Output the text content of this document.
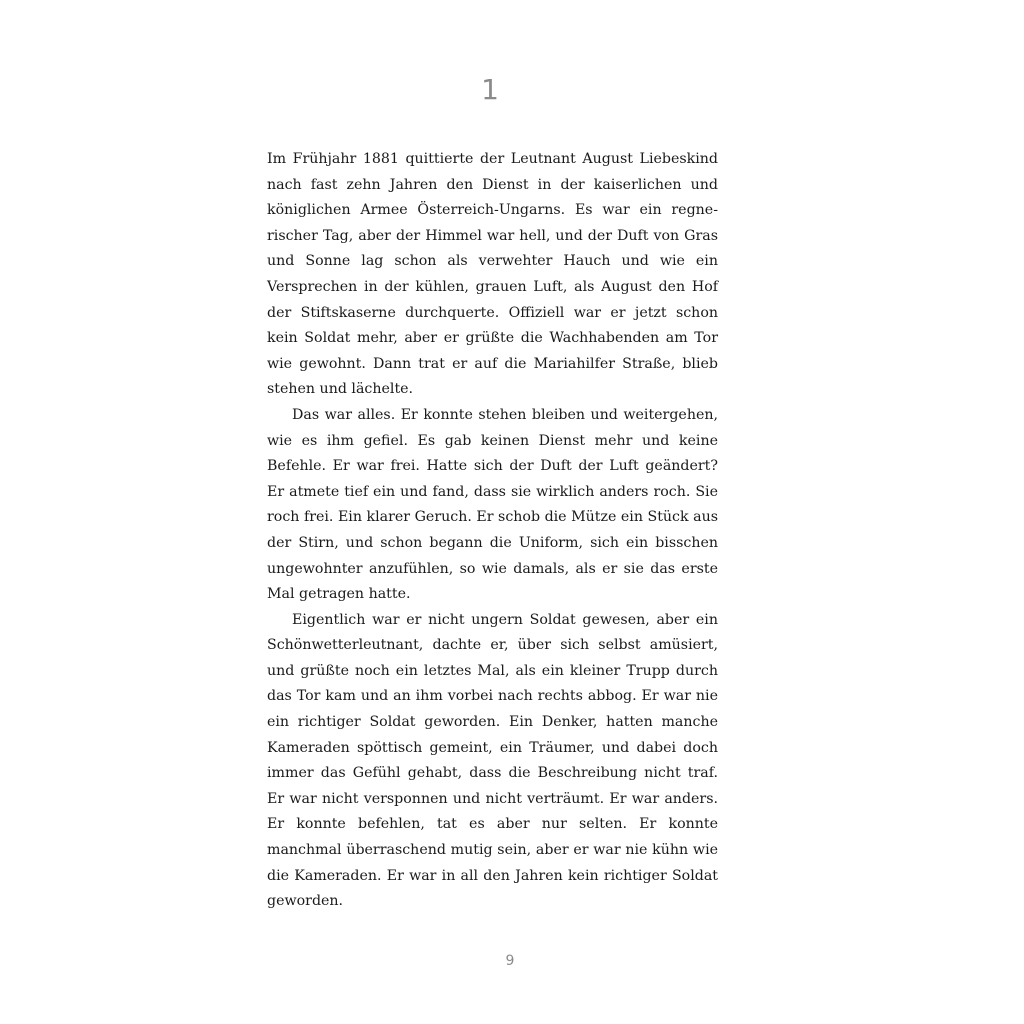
1

Im Frühjahr 1881 quittierte der Leutnant August Liebeskind nach fast zehn Jahren den Dienst in der kaiserlichen und königlichen Armee Österreich-Ungarns. Es war ein regnerischer Tag, aber der Himmel war hell, und der Duft von Gras und Sonne lag schon als verwehter Hauch und wie ein Versprechen in der kühlen, grauen Luft, als August den Hof der Stiftskaserne durchquerte. Offiziell war er jetzt schon kein Soldat mehr, aber er grüßte die Wachhabenden am Tor wie gewohnt. Dann trat er auf die Mariahilfer Straße, blieb stehen und lächelte.

Das war alles. Er konnte stehen bleiben und weitergehen, wie es ihm gefiel. Es gab keinen Dienst mehr und keine Befehle. Er war frei. Hatte sich der Duft der Luft geändert? Er atmete tief ein und fand, dass sie wirklich anders roch. Sie roch frei. Ein klarer Geruch. Er schob die Mütze ein Stück aus der Stirn, und schon begann die Uniform, sich ein bisschen ungewohnter anzufühlen, so wie damals, als er sie das erste Mal getragen hatte.

Eigentlich war er nicht ungern Soldat gewesen, aber ein Schönwetterleutnant, dachte er, über sich selbst amüsiert, und grüßte noch ein letztes Mal, als ein kleiner Trupp durch das Tor kam und an ihm vorbei nach rechts abbog. Er war nie ein richtiger Soldat geworden. Ein Denker, hatten manche Kameraden spöttisch gemeint, ein Träumer, und dabei doch immer das Gefühl gehabt, dass die Beschreibung nicht traf. Er war nicht versponnen und nicht verträumt. Er war anders. Er konnte befehlen, tat es aber nur selten. Er konnte manchmal überraschend mutig sein, aber er war nie kühn wie die Kameraden. Er war in all den Jahren kein richtiger Soldat geworden.

9
